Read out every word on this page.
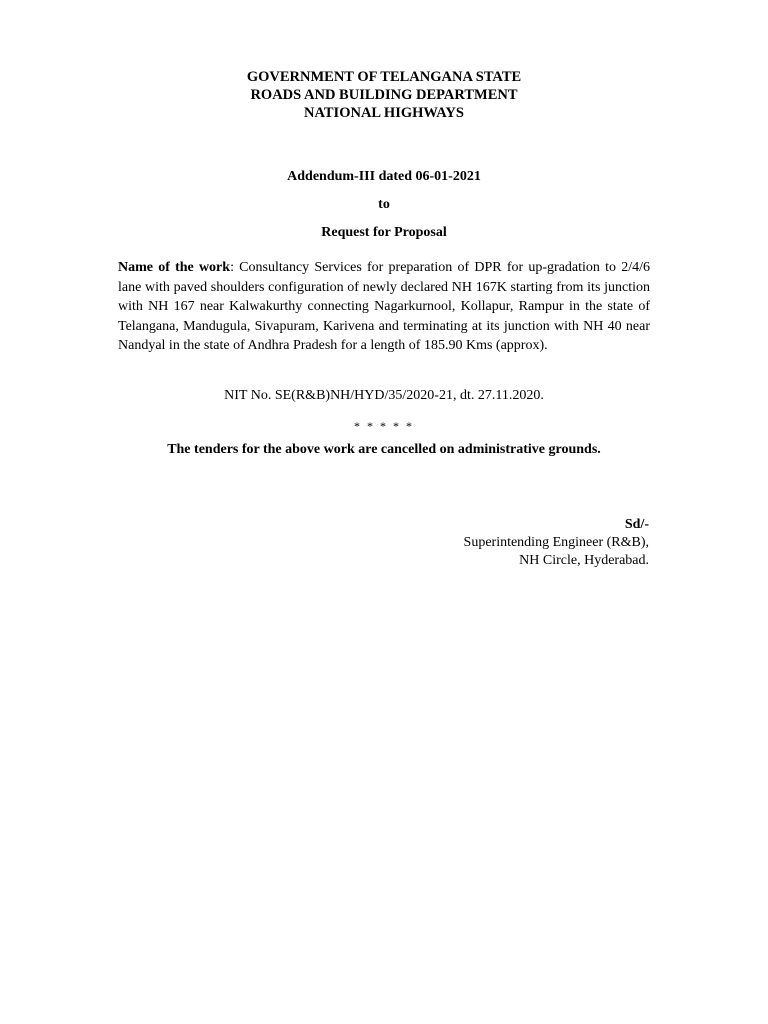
GOVERNMENT OF TELANGANA STATE
ROADS AND BUILDING DEPARTMENT
NATIONAL HIGHWAYS
Addendum-III dated 06-01-2021
to
Request for Proposal
Name of the work: Consultancy Services for preparation of DPR for up-gradation to 2/4/6 lane with paved shoulders configuration of newly declared NH 167K starting from its junction with NH 167 near Kalwakurthy connecting Nagarkurnool, Kollapur, Rampur in the state of Telangana, Mandugula, Sivapuram, Karivena and terminating at its junction with NH 40 near Nandyal in the state of Andhra Pradesh for a length of 185.90 Kms (approx).
NIT No. SE(R&B)NH/HYD/35/2020-21, dt. 27.11.2020.
* * * * *
The tenders for the above work are cancelled on administrative grounds.
Sd/-
Superintending Engineer (R&B),
NH Circle, Hyderabad.
